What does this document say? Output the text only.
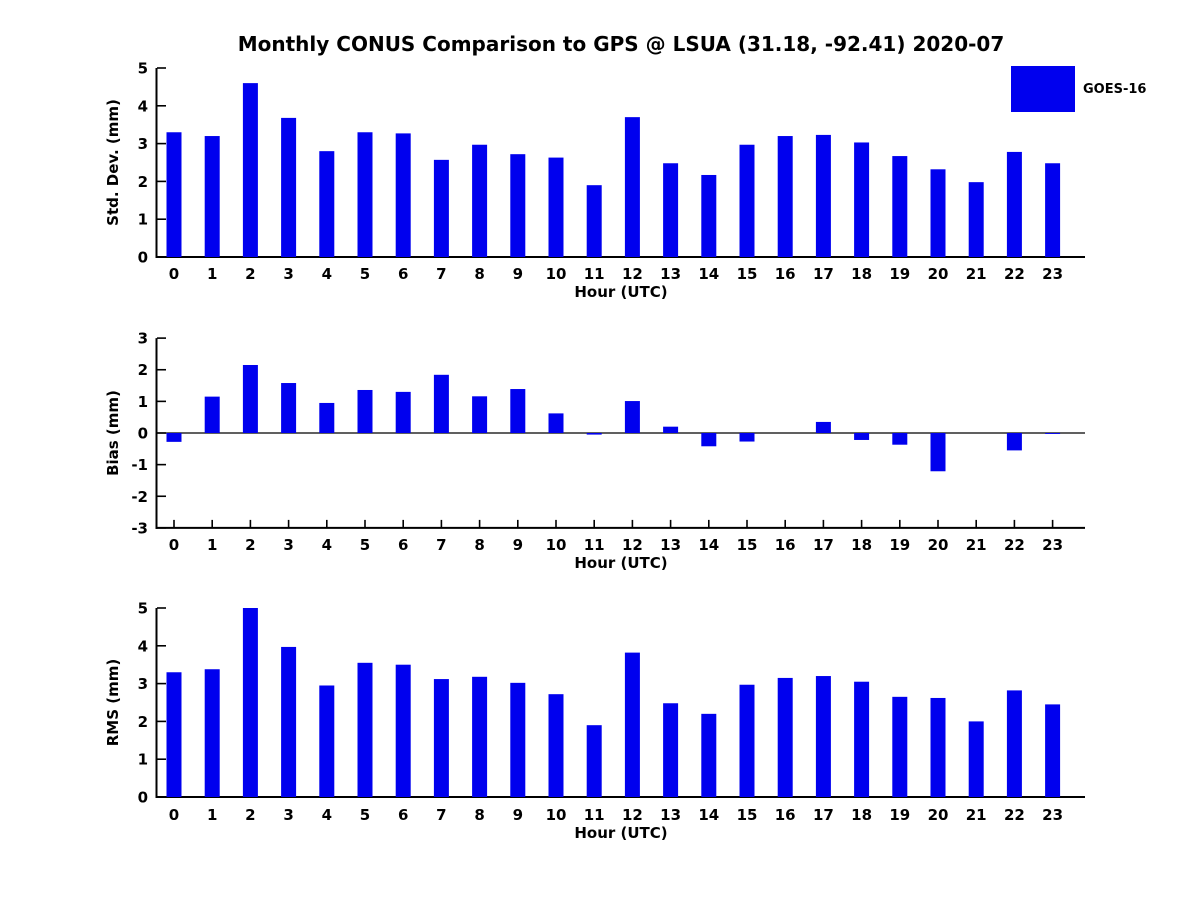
Monthly CONUS Comparison to GPS @ LSUA (31.18, -92.41) 2020-07
GOES-16
0
1
2
3
4
5
0 1 2 3 4 5 6 7 8 9 10 11 12 13 14 15 16 17 18 19 20 21 22 23
Hour (UTC)
Std. Dev. (mm)
3
2
1
0
-1
-2
-3
0 1 2 3 4 5 6 7 8 9 10 11 12 13 14 15 16 17 18 19 20 21 22 23
Hour (UTC)
Bias (mm)
0
1
2
3
4
5
0 1 2 3 4 5 6 7 8 9 10 11 12 13 14 15 16 17 18 19 20 21 22 23
Hour (UTC)
RMS (mm)
